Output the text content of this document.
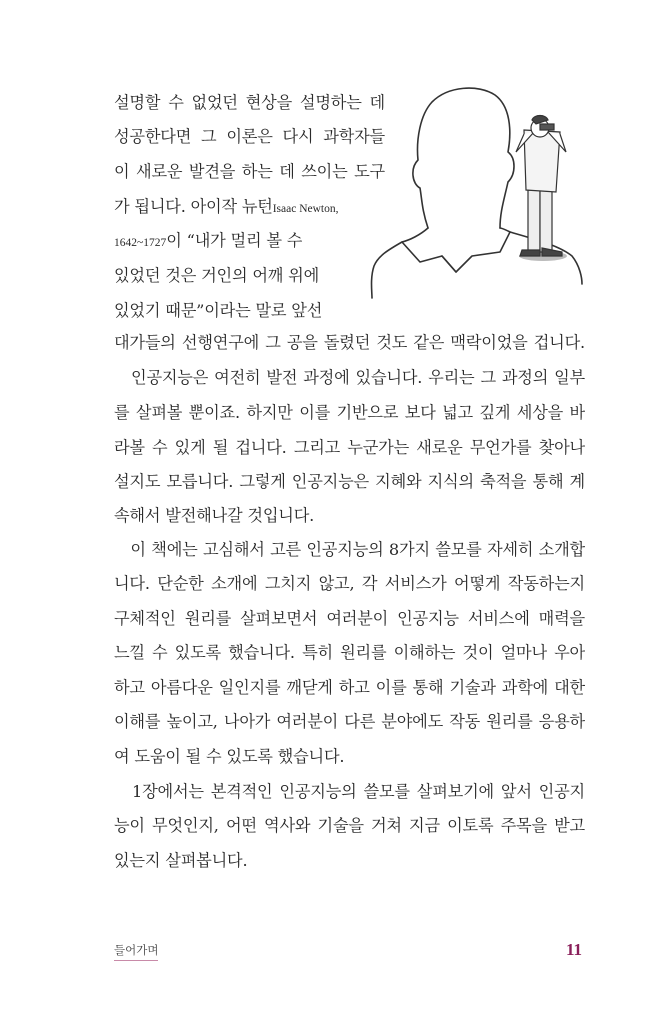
설명할 수 없었던 현상을 설명하는 데
성공한다면 그 이론은 다시 과학자들
이 새로운 발견을 하는 데 쓰이는 도구
가 됩니다. 아이작 뉴턴Isaac Newton,
1642~1727이 “내가 멀리 볼 수
있었던 것은 거인의 어깨 위에
있었기 때문”이라는 말로 앞선
대가들의 선행연구에 그 공을 돌렸던 것도 같은 맥락이었을 겁니다.
　인공지능은 여전히 발전 과정에 있습니다. 우리는 그 과정의 일부
를 살펴볼 뿐이죠. 하지만 이를 기반으로 보다 넓고 깊게 세상을 바
라볼 수 있게 될 겁니다. 그리고 누군가는 새로운 무언가를 찾아나
설지도 모릅니다. 그렇게 인공지능은 지혜와 지식의 축적을 통해 계
속해서 발전해나갈 것입니다.
　이 책에는 고심해서 고른 인공지능의 8가지 쓸모를 자세히 소개합
니다. 단순한 소개에 그치지 않고, 각 서비스가 어떻게 작동하는지
구체적인 원리를 살펴보면서 여러분이 인공지능 서비스에 매력을
느낄 수 있도록 했습니다. 특히 원리를 이해하는 것이 얼마나 우아
하고 아름다운 일인지를 깨닫게 하고 이를 통해 기술과 과학에 대한
이해를 높이고, 나아가 여러분이 다른 분야에도 작동 원리를 응용하
여 도움이 될 수 있도록 했습니다.
　1장에서는 본격적인 인공지능의 쓸모를 살펴보기에 앞서 인공지
능이 무엇인지, 어떤 역사와 기술을 거쳐 지금 이토록 주목을 받고
있는지 살펴봅니다.
들어가며	11
